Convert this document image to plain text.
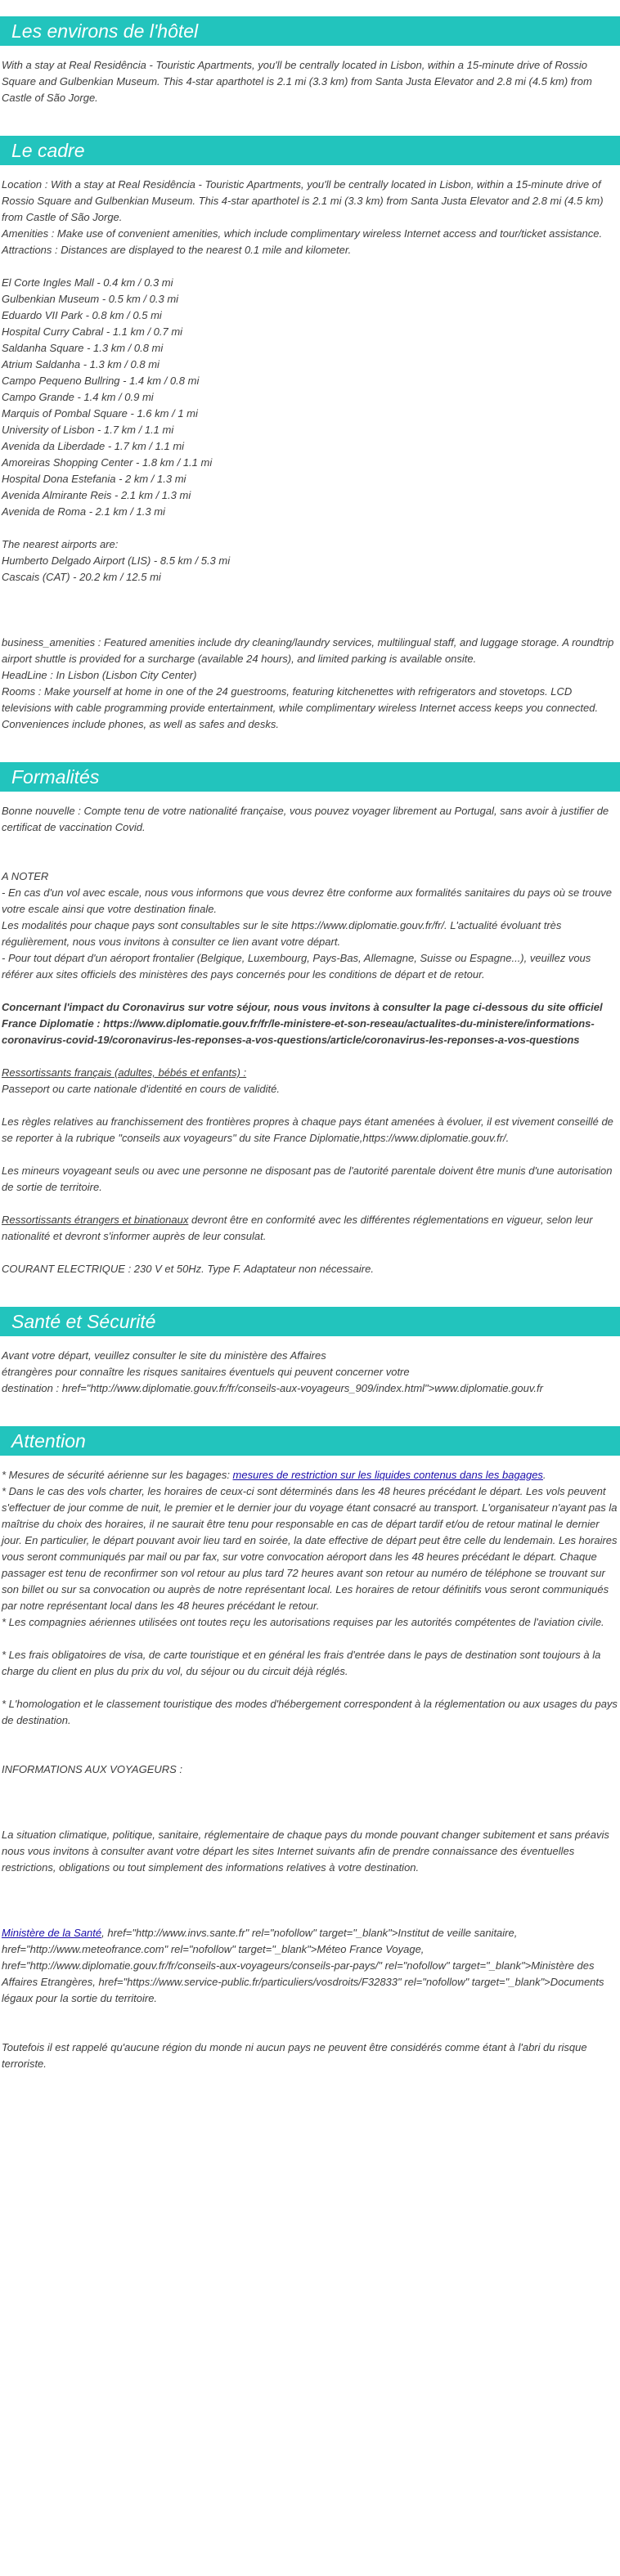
Les environs de l'hôtel

With a stay at Real Residência - Touristic Apartments, you'll be centrally located in Lisbon, within a 15-minute drive of Rossio Square and Gulbenkian Museum. This 4-star aparthotel is 2.1 mi (3.3 km) from Santa Justa Elevator and 2.8 mi (4.5 km) from Castle of São Jorge.

Le cadre

Location : With a stay at Real Residência - Touristic Apartments, you'll be centrally located in Lisbon, within a 15-minute drive of Rossio Square and Gulbenkian Museum. This 4-star aparthotel is 2.1 mi (3.3 km) from Santa Justa Elevator and 2.8 mi (4.5 km) from Castle of São Jorge.

Amenities : Make use of convenient amenities, which include complimentary wireless Internet access and tour/ticket assistance.

Attractions : Distances are displayed to the nearest 0.1 mile and kilometer.

El Corte Ingles Mall - 0.4 km / 0.3 mi

Gulbenkian Museum - 0.5 km / 0.3 mi

Eduardo VII Park - 0.8 km / 0.5 mi

Hospital Curry Cabral - 1.1 km / 0.7 mi

Saldanha Square - 1.3 km / 0.8 mi

Atrium Saldanha - 1.3 km / 0.8 mi

Campo Pequeno Bullring - 1.4 km / 0.8 mi

Campo Grande - 1.4 km / 0.9 mi

Marquis of Pombal Square - 1.6 km / 1 mi

University of Lisbon - 1.7 km / 1.1 mi

Avenida da Liberdade - 1.7 km / 1.1 mi

Amoreiras Shopping Center - 1.8 km / 1.1 mi

Hospital Dona Estefania - 2 km / 1.3 mi

Avenida Almirante Reis - 2.1 km / 1.3 mi

Avenida de Roma - 2.1 km / 1.3 mi

The nearest airports are:

Humberto Delgado Airport (LIS) - 8.5 km / 5.3 mi

Cascais (CAT) - 20.2 km / 12.5 mi

business_amenities : Featured amenities include dry cleaning/laundry services, multilingual staff, and luggage storage. A roundtrip airport shuttle is provided for a surcharge (available 24 hours), and limited parking is available onsite.

HeadLine : In Lisbon (Lisbon City Center)

Rooms : Make yourself at home in one of the 24 guestrooms, featuring kitchenettes with refrigerators and stovetops. LCD televisions with cable programming provide entertainment, while complimentary wireless Internet access keeps you connected. Conveniences include phones, as well as safes and desks.

Formalités

Bonne nouvelle : Compte tenu de votre nationalité française, vous pouvez voyager librement au Portugal, sans avoir à justifier de certificat de vaccination Covid.

A NOTER

- En cas d'un vol avec escale, nous vous informons que vous devrez être conforme aux formalités sanitaires du pays où se trouve votre escale ainsi que votre destination finale.

Les modalités pour chaque pays sont consultables sur le site https://www.diplomatie.gouv.fr/fr/. L'actualité évoluant très régulièrement, nous vous invitons à consulter ce lien avant votre départ.

- Pour tout départ d'un aéroport frontalier (Belgique, Luxembourg, Pays-Bas, Allemagne, Suisse ou Espagne...), veuillez vous référer aux sites officiels des ministères des pays concernés pour les conditions de départ et de retour.

Concernant l'impact du Coronavirus sur votre séjour, nous vous invitons à consulter la page ci-dessous du site officiel France Diplomatie : https://www.diplomatie.gouv.fr/fr/le-ministere-et-son-reseau/actualites-du-ministere/informations-coronavirus-covid-19/coronavirus-les-reponses-a-vos-questions/article/coronavirus-les-reponses-a-vos-questions

Ressortissants français (adultes, bébés et enfants) :

Passeport ou carte nationale d'identité en cours de validité.

Les règles relatives au franchissement des frontières propres à chaque pays étant amenées à évoluer, il est vivement conseillé de se reporter à la rubrique "conseils aux voyageurs" du site France Diplomatie,https://www.diplomatie.gouv.fr/.

Les mineurs voyageant seuls ou avec une personne ne disposant pas de l'autorité parentale doivent être munis d'une autorisation de sortie de territoire.

Ressortissants étrangers et binationaux devront être en conformité avec les différentes réglementations en vigueur, selon leur nationalité et devront s'informer auprès de leur consulat.

COURANT ELECTRIQUE : 230 V et 50Hz. Type F. Adaptateur non nécessaire.

Santé et Sécurité

Avant votre départ, veuillez consulter le site du ministère des Affaires

étrangères pour connaître les risques sanitaires éventuels qui peuvent concerner votre

destination : href="http://www.diplomatie.gouv.fr/fr/conseils-aux-voyageurs_909/index.html">www.diplomatie.gouv.fr

Attention

* Mesures de sécurité aérienne sur les bagages: mesures de restriction sur les liquides contenus dans les bagages.

* Dans le cas des vols charter, les horaires de ceux-ci sont déterminés dans les 48 heures précédant le départ. Les vols peuvent s'effectuer de jour comme de nuit, le premier et le dernier jour du voyage étant consacré au transport. L'organisateur n'ayant pas la maîtrise du choix des horaires, il ne saurait être tenu pour responsable en cas de départ tardif et/ou de retour matinal le dernier jour. En particulier, le départ pouvant avoir lieu tard en soirée, la date effective de départ peut être celle du lendemain. Les horaires vous seront communiqués par mail ou par fax, sur votre convocation aéroport dans les 48 heures précédant le départ. Chaque passager est tenu de reconfirmer son vol retour au plus tard 72 heures avant son retour au numéro de téléphone se trouvant sur son billet ou sur sa convocation ou auprès de notre représentant local. Les horaires de retour définitifs vous seront communiqués par notre représentant local dans les 48 heures précédant le retour.

* Les compagnies aériennes utilisées ont toutes reçu les autorisations requises par les autorités compétentes de l'aviation civile.

* Les frais obligatoires de visa, de carte touristique et en général les frais d'entrée dans le pays de destination sont toujours à la charge du client en plus du prix du vol, du séjour ou du circuit déjà réglés.

* L'homologation et le classement touristique des modes d'hébergement correspondent à la réglementation ou aux usages du pays de destination.

INFORMATIONS AUX VOYAGEURS :

La situation climatique, politique, sanitaire, réglementaire de chaque pays du monde pouvant changer subitement et sans préavis

nous vous invitons à consulter avant votre départ les sites Internet suivants afin de prendre connaissance des éventuelles restrictions, obligations ou tout simplement des informations relatives à votre destination.

Ministère de la Santé, href="http://www.invs.sante.fr" rel="nofollow" target="_blank">Institut de veille sanitaire, href="http://www.meteofrance.com" rel="nofollow" target="_blank">Méteo France Voyage, href="http://www.diplomatie.gouv.fr/fr/conseils-aux-voyageurs/conseils-par-pays/" rel="nofollow" target="_blank">Ministère des Affaires Etrangères, href="https://www.service-public.fr/particuliers/vosdroits/F32833" rel="nofollow" target="_blank">Documents légaux pour la sortie du territoire.

Toutefois il est rappelé qu'aucune région du monde ni aucun pays ne peuvent être considérés comme étant à l'abri du risque terroriste.
